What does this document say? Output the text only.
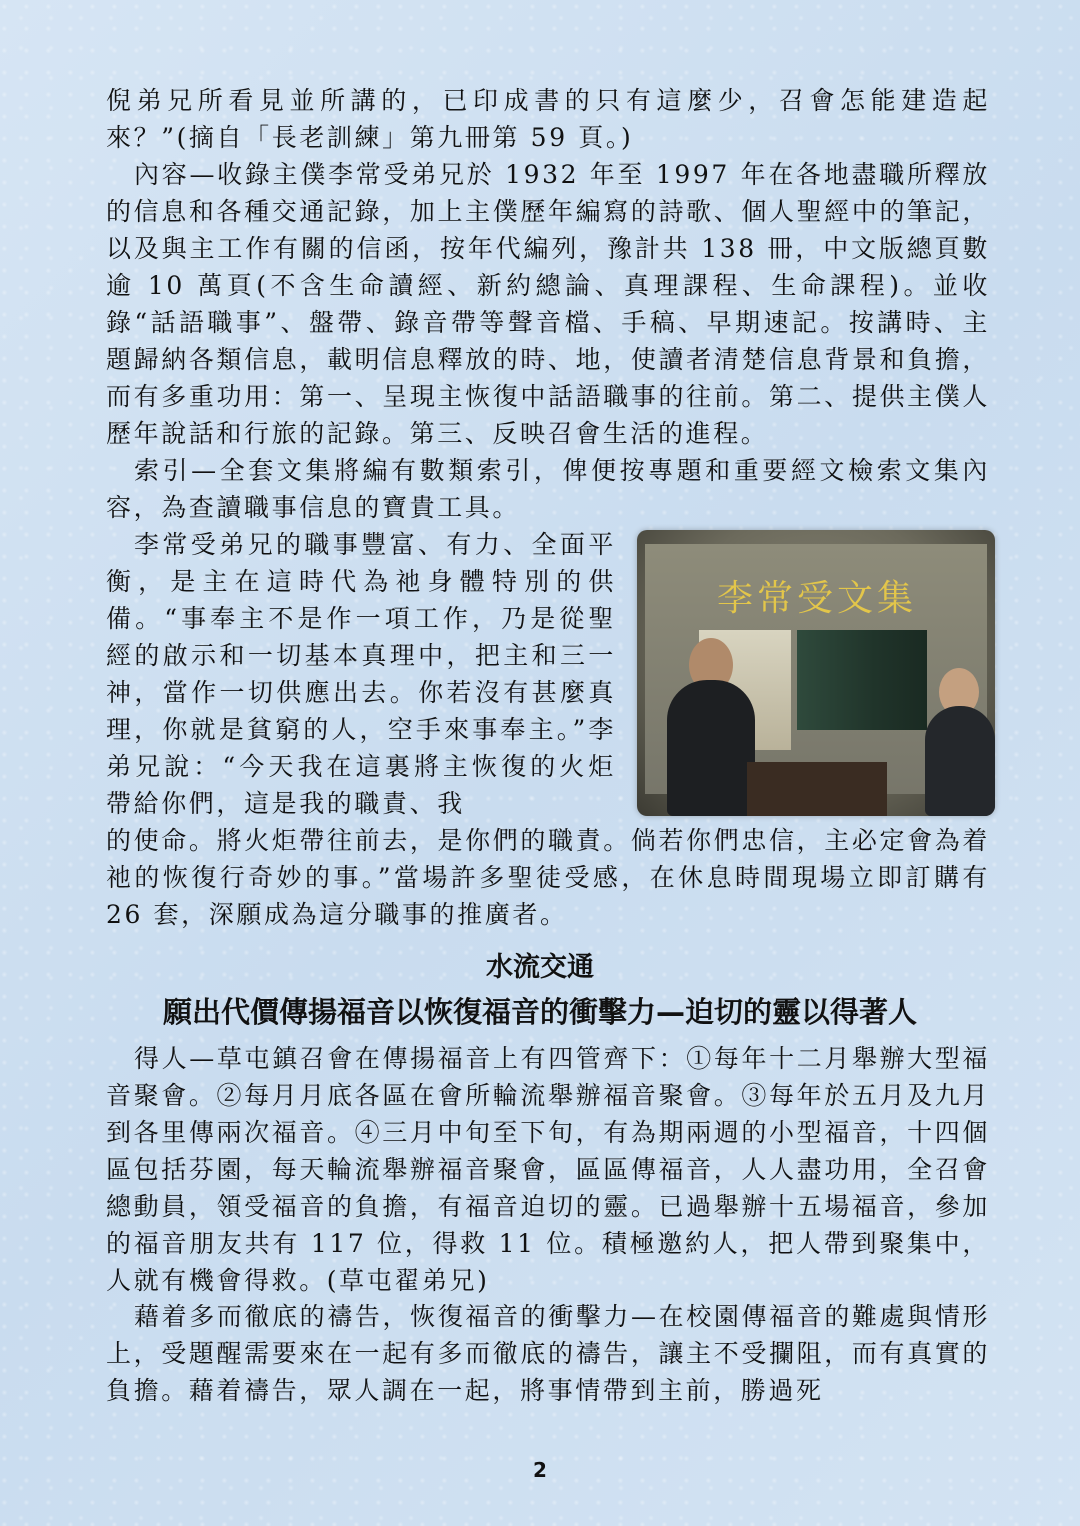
倪弟兄所看見並所講的，已印成書的只有這麼少，召會怎能建造起來？”(摘自「長老訓練」第九冊第 59 頁。)

內容—收錄主僕李常受弟兄於 1932 年至 1997 年在各地盡職所釋放的信息和各種交通記錄，加上主僕歷年編寫的詩歌、個人聖經中的筆記，以及與主工作有關的信函，按年代編列，豫計共 138 冊，中文版總頁數逾 10 萬頁(不含生命讀經、新約總論、真理課程、生命課程)。並收錄“話語職事”、盤帶、錄音帶等聲音檔、手稿、早期速記。按講時、主題歸納各類信息，載明信息釋放的時、地，使讀者清楚信息背景和負擔，而有多重功用：第一、呈現主恢復中話語職事的往前。第二、提供主僕人歷年說話和行旅的記錄。第三、反映召會生活的進程。

索引—全套文集將編有數類索引，俾便按專題和重要經文檢索文集內容，為查讀職事信息的寶貴工具。

李常受弟兄的職事豐富、有力、全面平衡，是主在這時代為祂身體特別的供備。“事奉主不是作一項工作，乃是從聖經的啟示和一切基本真理中，把主和三一神，當作一切供應出去。你若沒有甚麼真理，你就是貧窮的人，空手來事奉主。”李弟兄說：“今天我在這裏將主恢復的火炬帶給你們，這是我的職責、我

的使命。將火炬帶往前去，是你們的職責。倘若你們忠信，主必定會為着祂的恢復行奇妙的事。”當場許多聖徒受感，在休息時間現場立即訂購有 26 套，深願成為這分職事的推廣者。

李常受文集
水流交通
願出代價傳揚福音以恢復福音的衝擊力—迫切的靈以得著人

得人—草屯鎮召會在傳揚福音上有四管齊下：①每年十二月舉辦大型福音聚會。②每月月底各區在會所輪流舉辦福音聚會。③每年於五月及九月到各里傳兩次福音。④三月中旬至下旬，有為期兩週的小型福音，十四個區包括芬園，每天輪流舉辦福音聚會，區區傳福音，人人盡功用，全召會總動員，領受福音的負擔，有福音迫切的靈。已過舉辦十五場福音，參加的福音朋友共有 117 位，得救 11 位。積極邀約人，把人帶到聚集中，人就有機會得救。(草屯翟弟兄)

藉着多而徹底的禱告，恢復福音的衝擊力—在校園傳福音的難處與情形上，受題醒需要來在一起有多而徹底的禱告，讓主不受攔阻，而有真實的負擔。藉着禱告，眾人調在一起，將事情帶到主前，勝過死

2
